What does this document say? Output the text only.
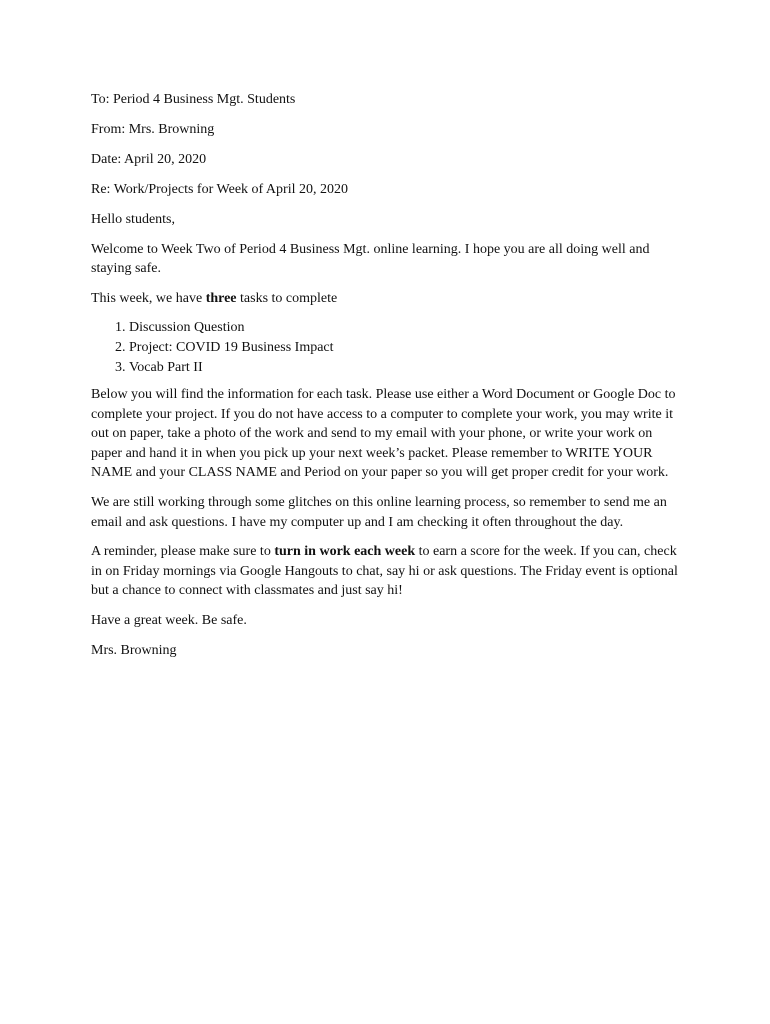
To: Period 4 Business Mgt. Students

From: Mrs. Browning

Date: April 20, 2020

Re: Work/Projects for Week of April 20, 2020

Hello students,

Welcome to Week Two of Period 4 Business Mgt. online learning. I hope you are all doing well and staying safe.

This week, we have three tasks to complete

1. Discussion Question
2. Project: COVID 19 Business Impact
3. Vocab Part II

Below you will find the information for each task. Please use either a Word Document or Google Doc to complete your project. If you do not have access to a computer to complete your work, you may write it out on paper, take a photo of the work and send to my email with your phone, or write your work on paper and hand it in when you pick up your next week’s packet. Please remember to WRITE YOUR NAME and your CLASS NAME and Period on your paper so you will get proper credit for your work.

We are still working through some glitches on this online learning process, so remember to send me an email and ask questions. I have my computer up and I am checking it often throughout the day.

A reminder, please make sure to turn in work each week to earn a score for the week. If you can, check in on Friday mornings via Google Hangouts to chat, say hi or ask questions. The Friday event is optional but a chance to connect with classmates and just say hi!

Have a great week. Be safe.

Mrs. Browning
